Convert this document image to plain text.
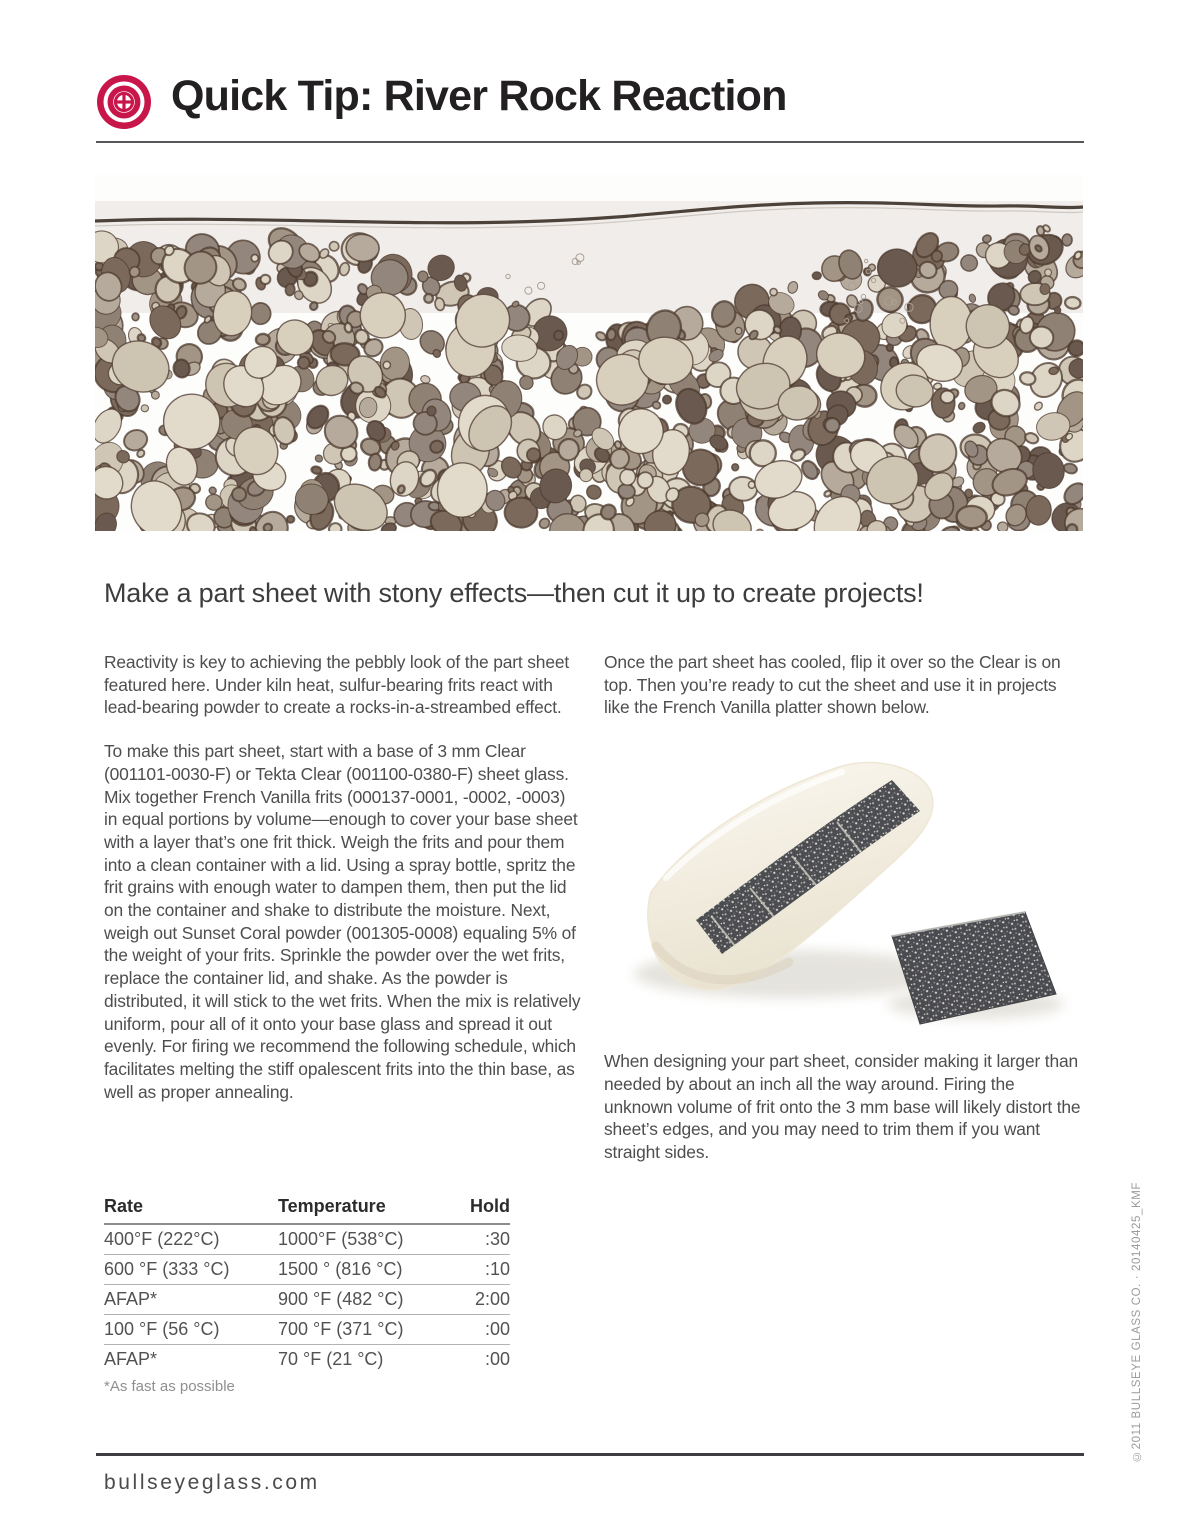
Quick Tip: River Rock Reaction
Make a part sheet with stony effects—then cut it up to create projects!

Reactivity is key to achieving the pebbly look of the part sheet featured here. Under kiln heat, sulfur-bearing frits react with lead-bearing powder to create a rocks-in-a-streambed effect.

To make this part sheet, start with a base of 3 mm Clear (001101-0030-F) or Tekta Clear (001100-0380-F) sheet glass. Mix together French Vanilla frits (000137-0001, -0002, -0003) in equal portions by volume—enough to cover your base sheet with a layer that’s one frit thick. Weigh the frits and pour them into a clean container with a lid. Using a spray bottle, spritz the frit grains with enough water to dampen them, then put the lid on the container and shake to distribute the moisture. Next, weigh out Sunset Coral powder (001305-0008) equaling 5% of the weight of your frits. Sprinkle the powder over the wet frits, replace the container lid, and shake. As the powder is distributed, it will stick to the wet frits. When the mix is relatively uniform, pour all of it onto your base glass and spread it out evenly. For firing we recommend the following schedule, which facilitates melting the stiff opalescent frits into the thin base, as well as proper annealing.

Once the part sheet has cooled, flip it over so the Clear is on top. Then you’re ready to cut the sheet and use it in projects like the French Vanilla platter shown below.

When designing your part sheet, consider making it larger than needed by about an inch all the way around. Firing the unknown volume of frit onto the 3 mm base will likely distort the sheet’s edges, and you may need to trim them if you want straight sides.

Rate	Temperature	Hold
400°F (222°C)	1000°F (538°C)	:30
600 °F (333 °C)	1500 ° (816 °C)	:10
AFAP*	900 °F (482 °C)	2:00
100 °F (56 °C)	700 °F (371 °C)	:00
AFAP*	70 °F (21 °C)	:00
*As fast as possible	©2011 BULLSEYE GLASS CO. · 20140425_KMF
bullseyeglass.com
